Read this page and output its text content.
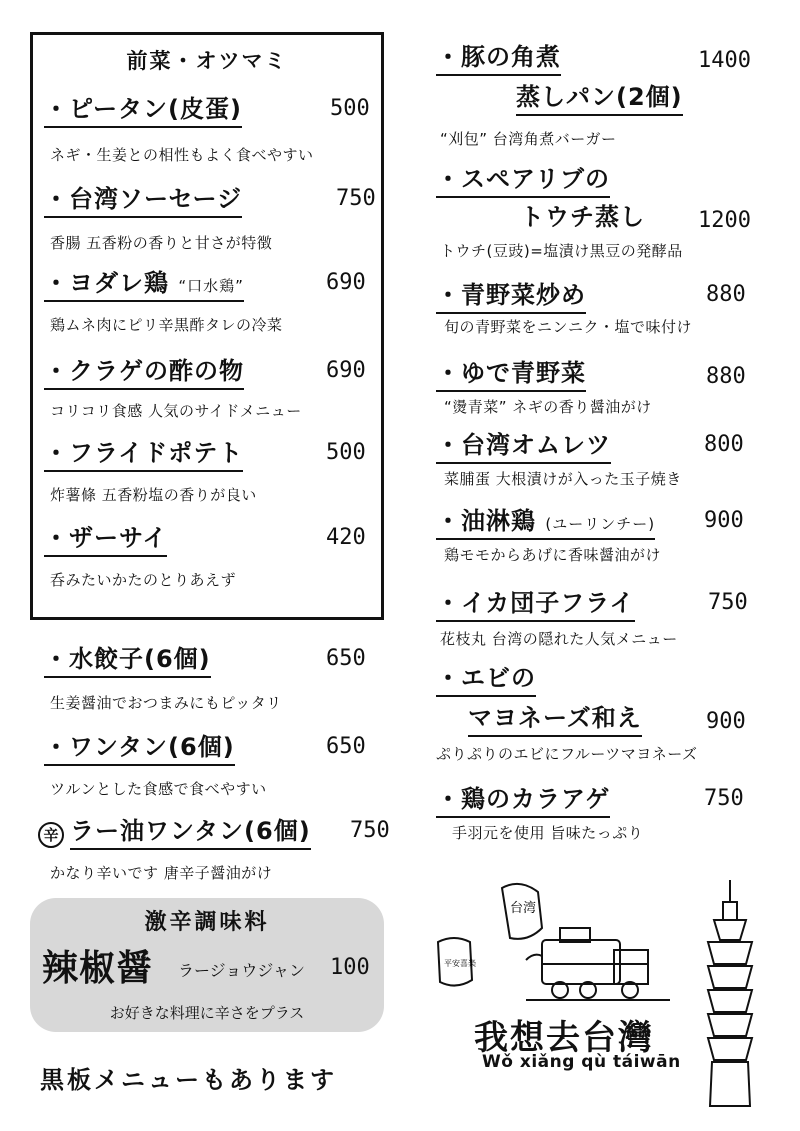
前菜・オツマミ
・ピータン(皮蛋)	500
ネギ・生姜との相性もよく食べやすい
・台湾ソーセージ	750
香腸 五香粉の香りと甘さが特徴
・ヨダレ鶏 “口水鶏”	690
鶏ムネ肉にピリ辛黒酢タレの冷菜
・クラゲの酢の物	690
コリコリ食感 人気のサイドメニュー
・フライドポテト	500
炸薯條 五香粉塩の香りが良い
・ザーサイ	420
呑みたいかたのとりあえず
・水餃子(6個)	650
生姜醤油でおつまみにもピッタリ
・ワンタン(6個)	650
ツルンとした食感で食べやすい
辛 ラー油ワンタン(6個) 750
かなり辛いです 唐辛子醤油がけ
激辛調味料
辣椒醤 ラージョウジャン 100
お好きな料理に辛さをプラス
黒板メニューもあります
・豚の角煮	1400
蒸しパン(2個)
“刈包” 台湾角煮バーガー
・スペアリブの
トウチ蒸し 1200
トウチ(豆豉)=塩漬け黒豆の発酵品
・青野菜炒め	880
旬の青野菜をニンニク・塩で味付け
・ゆで青野菜	880
“燙青菜” ネギの香り醤油がけ
・台湾オムレツ	800
菜脯蛋 大根漬けが入った玉子焼き
・油淋鶏 (ユーリンチー) 900
鶏モモからあげに香味醤油がけ
・イカ団子フライ	750
花枝丸 台湾の隠れた人気メニュー
・エビの
マヨネーズ和え	900
ぷりぷりのエビにフルーツマヨネーズ
・鶏のカラアゲ	750
手羽元を使用 旨味たっぷり
台湾
平安喜楽
我想去台灣
Wǒ xiǎng qù táiwān
